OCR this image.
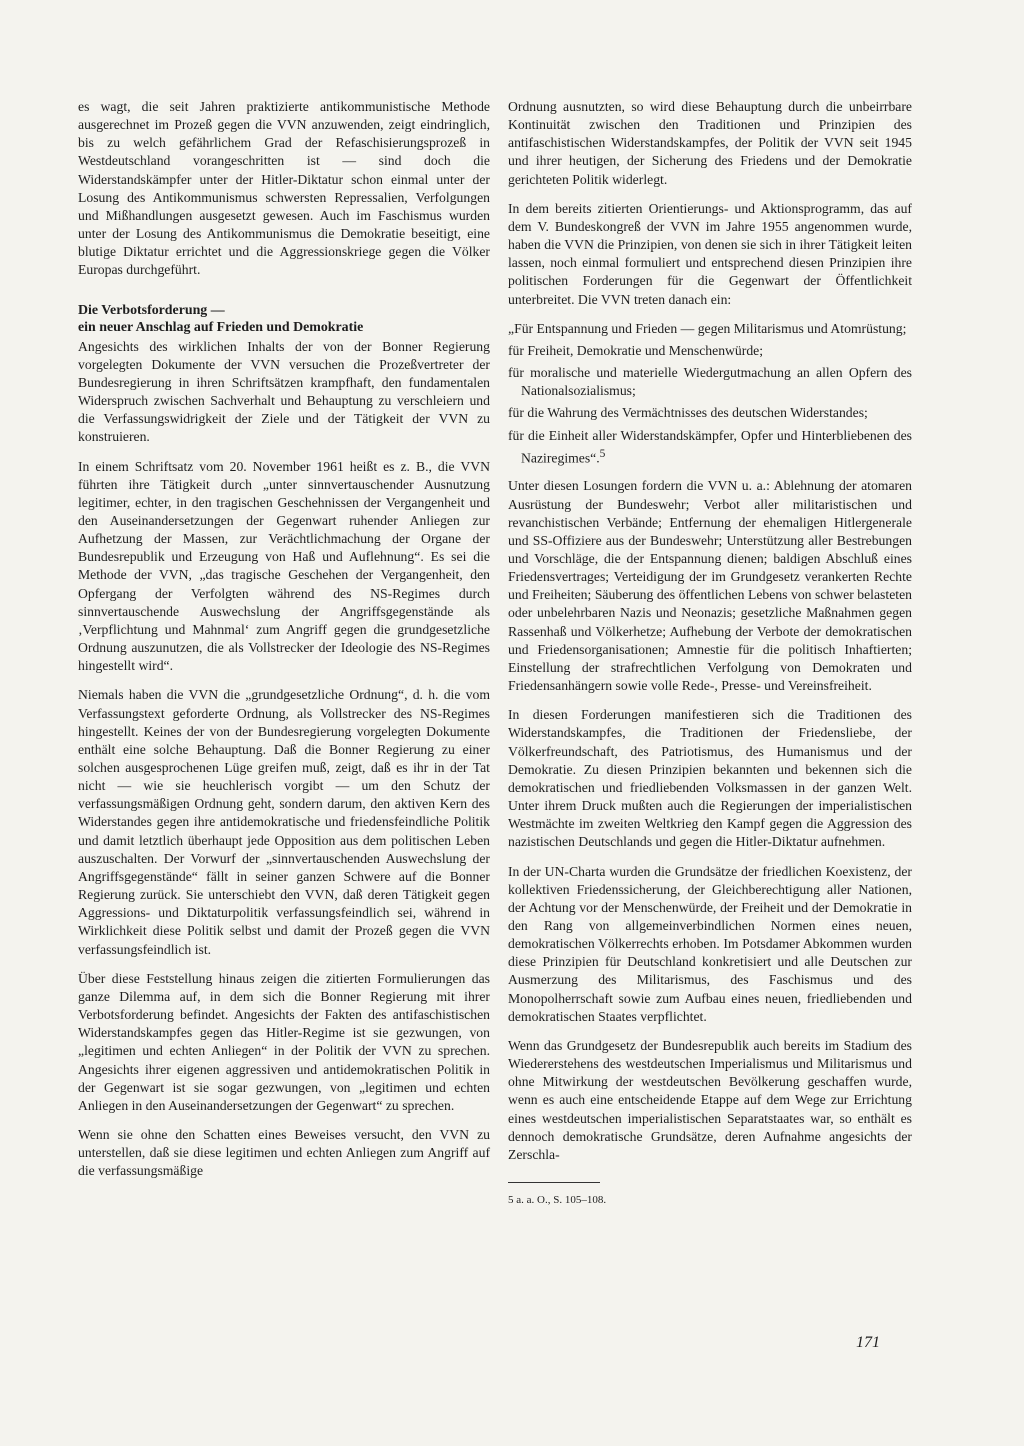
es wagt, die seit Jahren praktizierte antikommunistische Methode ausgerechnet im Prozeß gegen die VVN anzuwenden, zeigt eindringlich, bis zu welch gefährlichem Grad der Refaschisierungsprozeß in Westdeutschland vorangeschritten ist — sind doch die Widerstandskämpfer unter der Hitler-Diktatur schon einmal unter der Losung des Antikommunismus schwersten Repressalien, Verfolgungen und Mißhandlungen ausgesetzt gewesen. Auch im Faschismus wurden unter der Losung des Antikommunismus die Demokratie beseitigt, eine blutige Diktatur errichtet und die Aggressionskriege gegen die Völker Europas durchgeführt.

Die Verbotsforderung —
ein neuer Anschlag auf Frieden und Demokratie

Angesichts des wirklichen Inhalts der von der Bonner Regierung vorgelegten Dokumente der VVN versuchen die Prozeßvertreter der Bundesregierung in ihren Schriftsätzen krampfhaft, den fundamentalen Widerspruch zwischen Sachverhalt und Behauptung zu verschleiern und die Verfassungswidrigkeit der Ziele und der Tätigkeit der VVN zu konstruieren.

In einem Schriftsatz vom 20. November 1961 heißt es z. B., die VVN führten ihre Tätigkeit durch „unter sinnvertauschender Ausnutzung legitimer, echter, in den tragischen Geschehnissen der Vergangenheit und den Auseinandersetzungen der Gegenwart ruhender Anliegen zur Aufhetzung der Massen, zur Verächtlichmachung der Organe der Bundesrepublik und Erzeugung von Haß und Auflehnung“. Es sei die Methode der VVN, „das tragische Geschehen der Vergangenheit, den Opfergang der Verfolgten während des NS-Regimes durch sinnvertauschende Auswechslung der Angriffsgegenstände als ‚Verpflichtung und Mahnmal‘ zum Angriff gegen die grundgesetzliche Ordnung auszunutzen, die als Vollstrecker der Ideologie des NS-Regimes hingestellt wird“.

Niemals haben die VVN die „grundgesetzliche Ordnung“, d. h. die vom Verfassungstext geforderte Ordnung, als Vollstrecker des NS-Regimes hingestellt. Keines der von der Bundesregierung vorgelegten Dokumente enthält eine solche Behauptung. Daß die Bonner Regierung zu einer solchen ausgesprochenen Lüge greifen muß, zeigt, daß es ihr in der Tat nicht — wie sie heuchlerisch vorgibt — um den Schutz der verfassungsmäßigen Ordnung geht, sondern darum, den aktiven Kern des Widerstandes gegen ihre antidemokratische und friedensfeindliche Politik und damit letztlich überhaupt jede Opposition aus dem politischen Leben auszuschalten. Der Vorwurf der „sinnvertauschenden Auswechslung der Angriffsgegenstände“ fällt in seiner ganzen Schwere auf die Bonner Regierung zurück. Sie unterschiebt den VVN, daß deren Tätigkeit gegen Aggressions- und Diktaturpolitik verfassungsfeindlich sei, während in Wirklichkeit diese Politik selbst und damit der Prozeß gegen die VVN verfassungsfeindlich ist.

Über diese Feststellung hinaus zeigen die zitierten Formulierungen das ganze Dilemma auf, in dem sich die Bonner Regierung mit ihrer Verbotsforderung befindet. Angesichts der Fakten des antifaschistischen Widerstandskampfes gegen das Hitler-Regime ist sie gezwungen, von „legitimen und echten Anliegen“ in der Politik der VVN zu sprechen. Angesichts ihrer eigenen aggressiven und antidemokratischen Politik in der Gegenwart ist sie sogar gezwungen, von „legitimen und echten Anliegen in den Auseinandersetzungen der Gegenwart“ zu sprechen.

Wenn sie ohne den Schatten eines Beweises versucht, den VVN zu unterstellen, daß sie diese legitimen und echten Anliegen zum Angriff auf die verfassungsmäßige

Ordnung ausnutzten, so wird diese Behauptung durch die unbeirrbare Kontinuität zwischen den Traditionen und Prinzipien des antifaschistischen Widerstandskampfes, der Politik der VVN seit 1945 und ihrer heutigen, der Sicherung des Friedens und der Demokratie gerichteten Politik widerlegt.

In dem bereits zitierten Orientierungs- und Aktionsprogramm, das auf dem V. Bundeskongreß der VVN im Jahre 1955 angenommen wurde, haben die VVN die Prinzipien, von denen sie sich in ihrer Tätigkeit leiten lassen, noch einmal formuliert und entsprechend diesen Prinzipien ihre politischen Forderungen für die Gegenwart der Öffentlichkeit unterbreitet. Die VVN treten danach ein:

„Für Entspannung und Frieden — gegen Militarismus und Atomrüstung;
für Freiheit, Demokratie und Menschenwürde;
für moralische und materielle Wiedergutmachung an allen Opfern des Nationalsozialismus;
für die Wahrung des Vermächtnisses des deutschen Widerstandes;
für die Einheit aller Widerstandskämpfer, Opfer und Hinterbliebenen des Naziregimes“.$^5$

Unter diesen Losungen fordern die VVN u. a.: Ablehnung der atomaren Ausrüstung der Bundeswehr; Verbot aller militaristischen und revanchistischen Verbände; Entfernung der ehemaligen Hitlergenerale und SS-Offiziere aus der Bundeswehr; Unterstützung aller Bestrebungen und Vorschläge, die der Entspannung dienen; baldigen Abschluß eines Friedensvertrages; Verteidigung der im Grundgesetz verankerten Rechte und Freiheiten; Säuberung des öffentlichen Lebens von schwer belasteten oder unbelehrbaren Nazis und Neonazis; gesetzliche Maßnahmen gegen Rassenhaß und Völkerhetze; Aufhebung der Verbote der demokratischen und Friedensorganisationen; Amnestie für die politisch Inhaftierten; Einstellung der strafrechtlichen Verfolgung von Demokraten und Friedensanhängern sowie volle Rede-, Presse- und Vereinsfreiheit.

In diesen Forderungen manifestieren sich die Traditionen des Widerstandskampfes, die Traditionen der Friedensliebe, der Völkerfreundschaft, des Patriotismus, des Humanismus und der Demokratie. Zu diesen Prinzipien bekannten und bekennen sich die demokratischen und friedliebenden Volksmassen in der ganzen Welt. Unter ihrem Druck mußten auch die Regierungen der imperialistischen Westmächte im zweiten Weltkrieg den Kampf gegen die Aggression des nazistischen Deutschlands und gegen die Hitler-Diktatur aufnehmen.

In der UN-Charta wurden die Grundsätze der friedlichen Koexistenz, der kollektiven Friedenssicherung, der Gleichberechtigung aller Nationen, der Achtung vor der Menschenwürde, der Freiheit und der Demokratie in den Rang von allgemeinverbindlichen Normen eines neuen, demokratischen Völkerrechts erhoben. Im Potsdamer Abkommen wurden diese Prinzipien für Deutschland konkretisiert und alle Deutschen zur Ausmerzung des Militarismus, des Faschismus und des Monopolherrschaft sowie zum Aufbau eines neuen, friedliebenden und demokratischen Staates verpflichtet.

Wenn das Grundgesetz der Bundesrepublik auch bereits im Stadium des Wiedererstehens des westdeutschen Imperialismus und Militarismus und ohne Mitwirkung der westdeutschen Bevölkerung geschaffen wurde, wenn es auch eine entscheidende Etappe auf dem Wege zur Errichtung eines westdeutschen imperialistischen Separatstaates war, so enthält es dennoch demokratische Grundsätze, deren Aufnahme angesichts der Zerschla-

5 a. a. O., S. 105–108.

171
